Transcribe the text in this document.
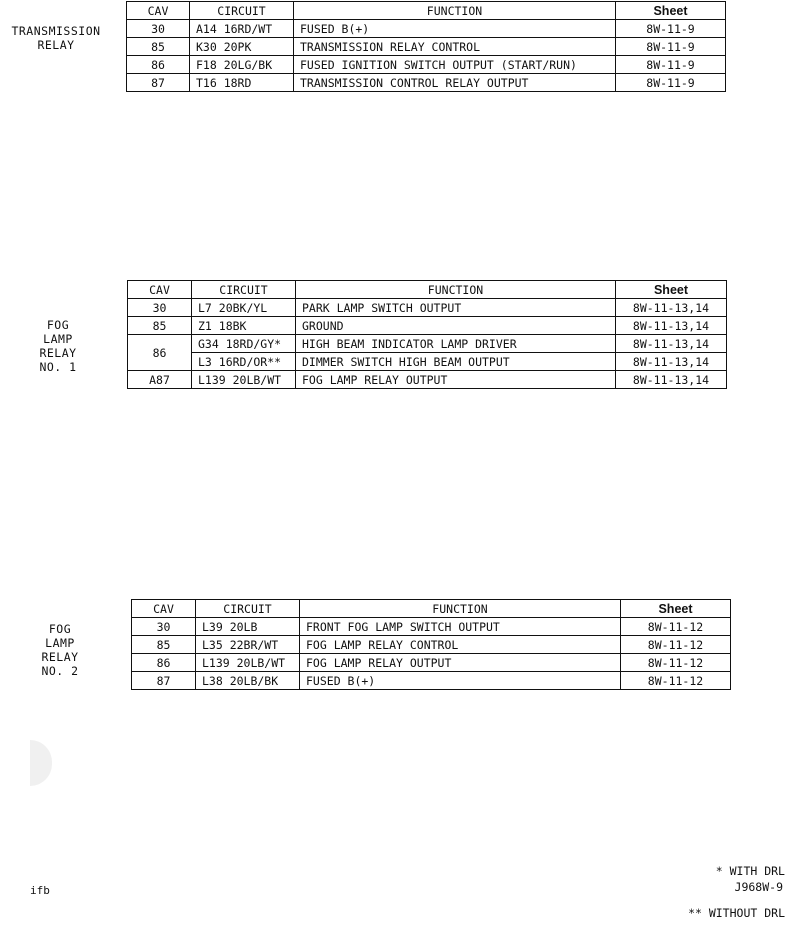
TRANSMISSION
RELAY
CAV	CIRCUIT	FUNCTION	Sheet
30	A14 16RD/WT	FUSED B(+)	8W-11-9
85	K30 20PK	TRANSMISSION RELAY CONTROL	8W-11-9
86	F18 20LG/BK	FUSED IGNITION SWITCH OUTPUT (START/RUN)	8W-11-9
87	T16 18RD	TRANSMISSION CONTROL RELAY OUTPUT	8W-11-9
FOG
LAMP
RELAY
NO. 1
CAV	CIRCUIT	FUNCTION	Sheet
30	L7 20BK/YL	PARK LAMP SWITCH OUTPUT	8W-11-13,14
85	Z1 18BK	GROUND	8W-11-13,14
86	G34 18RD/GY*	HIGH BEAM INDICATOR LAMP DRIVER	8W-11-13,14
	L3 16RD/OR**	DIMMER SWITCH HIGH BEAM OUTPUT	8W-11-13,14
A87	L139 20LB/WT	FOG LAMP RELAY OUTPUT	8W-11-13,14
FOG
LAMP
RELAY
NO. 2
CAV	CIRCUIT	FUNCTION	Sheet
30	L39 20LB	FRONT FOG LAMP SWITCH OUTPUT	8W-11-12
85	L35 22BR/WT	FOG LAMP RELAY CONTROL	8W-11-12
86	L139 20LB/WT	FOG LAMP RELAY OUTPUT	8W-11-12
87	L38 20LB/BK	FUSED B(+)	8W-11-12

* WITH DRL

** WITHOUT DRL

ifb	J968W-9
